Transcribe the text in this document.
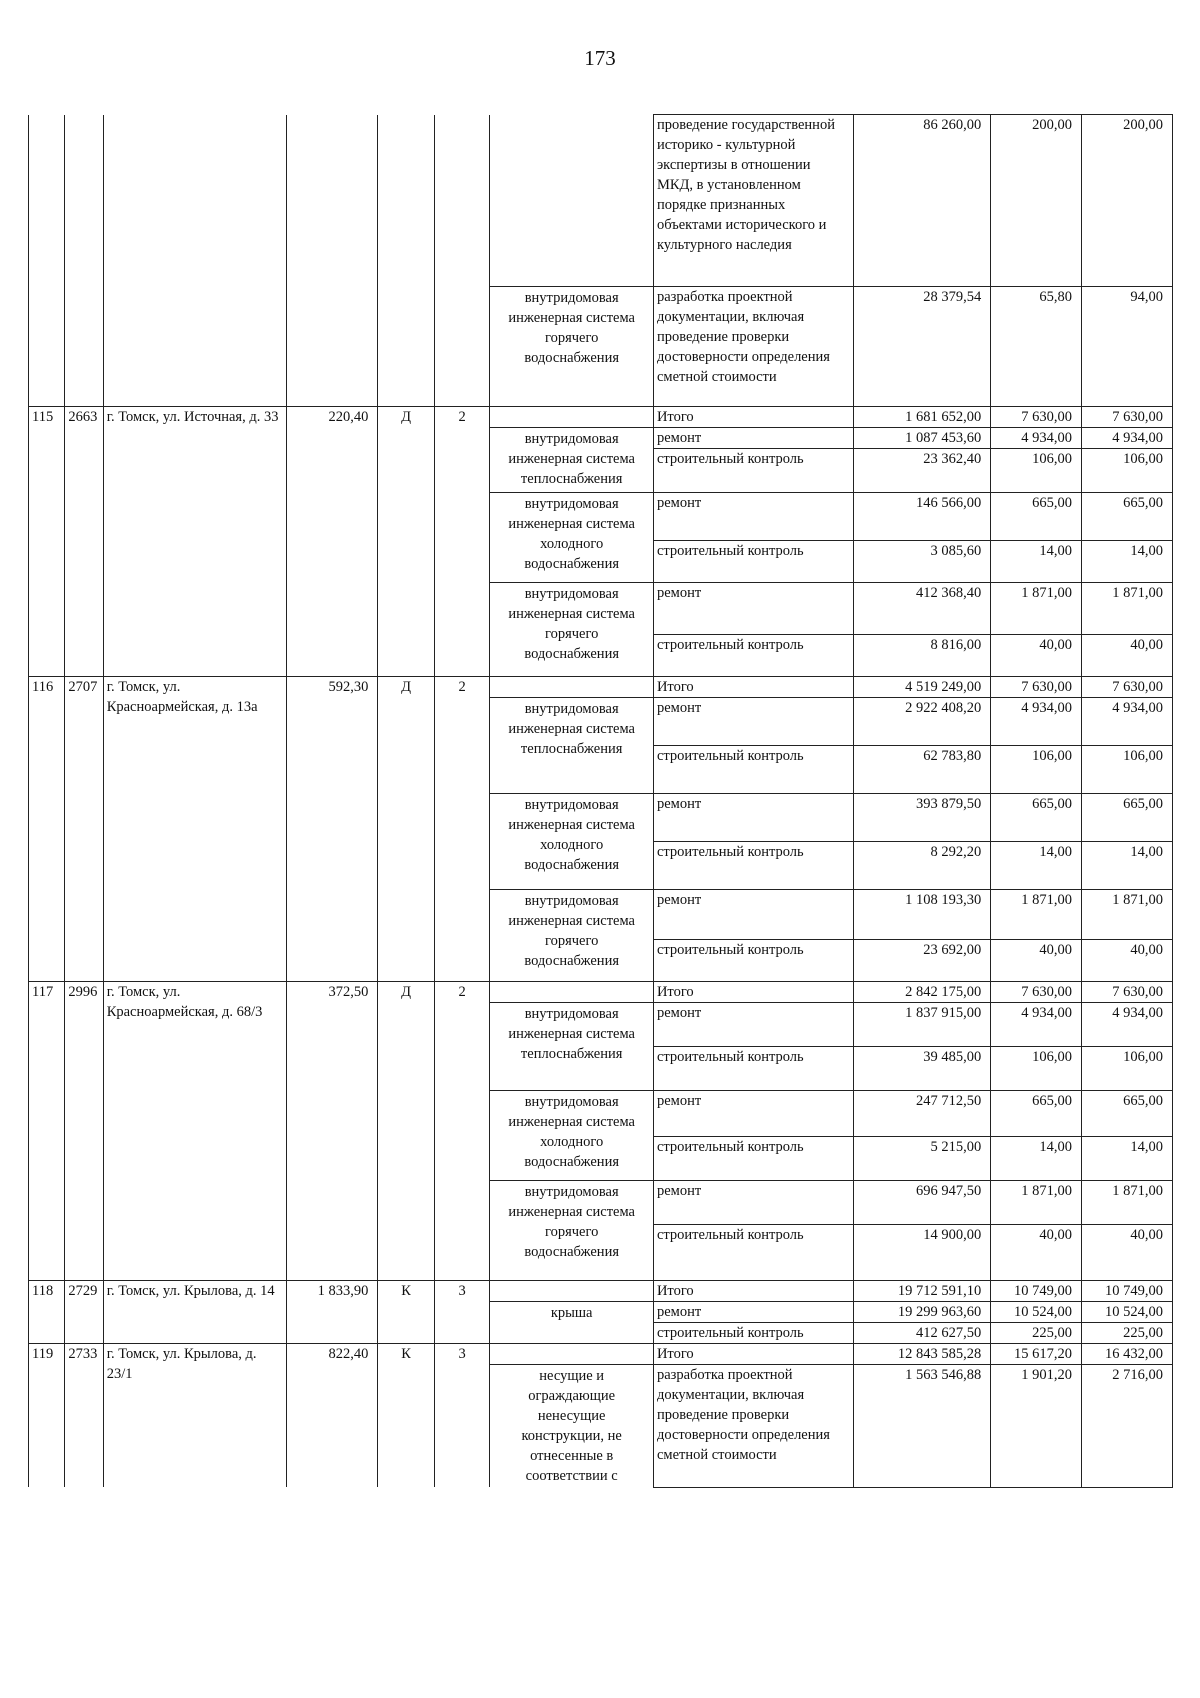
173
							проведение государственной историко - культурной экспертизы в отношении МКД, в установленном порядке признанных объектами исторического и культурного наследия	86 260,00	200,00	200,00
						внутридомовая инженерная система горячего водоснабжения	разработка проектной документации, включая проведение проверки достоверности определения сметной стоимости	28 379,54	65,80	94,00
115	2663	г. Томск, ул. Источная, д. 33	220,40	Д	2		Итого	1 681 652,00	7 630,00	7 630,00
						внутридомовая инженерная система теплоснабжения	ремонт	1 087 453,60	4 934,00	4 934,00
							строительный контроль	23 362,40	106,00	106,00
						внутридомовая инженерная система холодного водоснабжения	ремонт	146 566,00	665,00	665,00
							строительный контроль	3 085,60	14,00	14,00
						внутридомовая инженерная система горячего водоснабжения	ремонт	412 368,40	1 871,00	1 871,00
							строительный контроль	8 816,00	40,00	40,00
116	2707	г. Томск, ул. Красноармейская, д. 13а	592,30	Д	2		Итого	4 519 249,00	7 630,00	7 630,00
						внутридомовая инженерная система теплоснабжения	ремонт	2 922 408,20	4 934,00	4 934,00
							строительный контроль	62 783,80	106,00	106,00
						внутридомовая инженерная система холодного водоснабжения	ремонт	393 879,50	665,00	665,00
							строительный контроль	8 292,20	14,00	14,00
						внутридомовая инженерная система горячего водоснабжения	ремонт	1 108 193,30	1 871,00	1 871,00
							строительный контроль	23 692,00	40,00	40,00
117	2996	г. Томск, ул. Красноармейская, д. 68/3	372,50	Д	2		Итого	2 842 175,00	7 630,00	7 630,00
						внутридомовая инженерная система теплоснабжения	ремонт	1 837 915,00	4 934,00	4 934,00
							строительный контроль	39 485,00	106,00	106,00
						внутридомовая инженерная система холодного водоснабжения	ремонт	247 712,50	665,00	665,00
							строительный контроль	5 215,00	14,00	14,00
						внутридомовая инженерная система горячего водоснабжения	ремонт	696 947,50	1 871,00	1 871,00
							строительный контроль	14 900,00	40,00	40,00
118	2729	г. Томск, ул. Крылова, д. 14	1 833,90	К	3		Итого	19 712 591,10	10 749,00	10 749,00
						крыша	ремонт	19 299 963,60	10 524,00	10 524,00
							строительный контроль	412 627,50	225,00	225,00
119	2733	г. Томск, ул. Крылова, д. 23/1	822,40	К	3		Итого	12 843 585,28	15 617,20	16 432,00
						несущие и ограждающие ненесущие конструкции, не отнесенные в соответствии с	разработка проектной документации, включая проведение проверки достоверности определения сметной стоимости	1 563 546,88	1 901,20	2 716,00
